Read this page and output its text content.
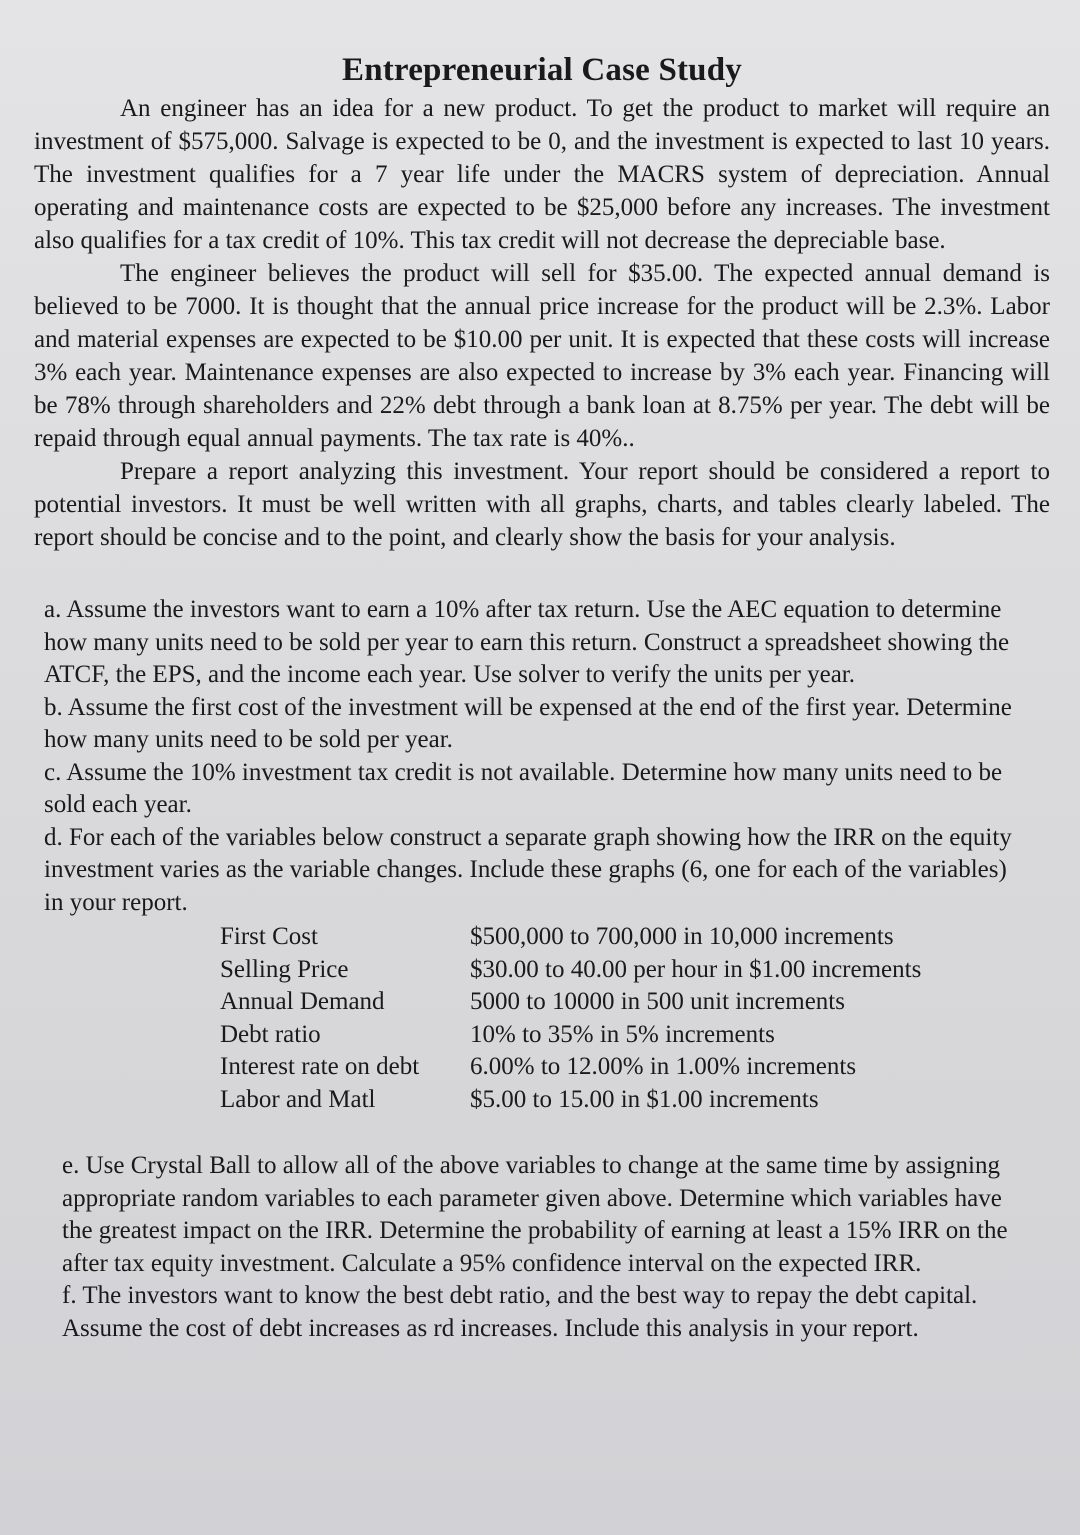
Entrepreneurial Case Study

An engineer has an idea for a new product. To get the product to market will require an investment of $575,000. Salvage is expected to be 0, and the investment is expected to last 10 years. The investment qualifies for a 7 year life under the MACRS system of depreciation. Annual operating and maintenance costs are expected to be $25,000 before any increases. The investment also qualifies for a tax credit of 10%. This tax credit will not decrease the depreciable base.

The engineer believes the product will sell for $35.00. The expected annual demand is believed to be 7000. It is thought that the annual price increase for the product will be 2.3%. Labor and material expenses are expected to be $10.00 per unit. It is expected that these costs will increase 3% each year. Maintenance expenses are also expected to increase by 3% each year. Financing will be 78% through shareholders and 22% debt through a bank loan at 8.75% per year. The debt will be repaid through equal annual payments. The tax rate is 40%..

Prepare a report analyzing this investment. Your report should be considered a report to potential investors. It must be well written with all graphs, charts, and tables clearly labeled. The report should be concise and to the point, and clearly show the basis for your analysis.

a. Assume the investors want to earn a 10% after tax return. Use the AEC equation to determine how many units need to be sold per year to earn this return. Construct a spreadsheet showing the ATCF, the EPS, and the income each year. Use solver to verify the units per year.

b. Assume the first cost of the investment will be expensed at the end of the first year. Determine how many units need to be sold per year.

c. Assume the 10% investment tax credit is not available. Determine how many units need to be sold each year.

d. For each of the variables below construct a separate graph showing how the IRR on the equity investment varies as the variable changes. Include these graphs (6, one for each of the variables) in your report.

First Cost	$500,000 to 700,000 in 10,000 increments
Selling Price	$30.00 to 40.00 per hour in $1.00 increments
Annual Demand	5000 to 10000 in 500 unit increments
Debt ratio	10% to 35% in 5% increments
Interest rate on debt	6.00% to 12.00% in 1.00% increments
Labor and Matl	$5.00 to 15.00 in $1.00 increments

e. Use Crystal Ball to allow all of the above variables to change at the same time by assigning appropriate random variables to each parameter given above. Determine which variables have the greatest impact on the IRR. Determine the probability of earning at least a 15% IRR on the after tax equity investment. Calculate a 95% confidence interval on the expected IRR.

f. The investors want to know the best debt ratio, and the best way to repay the debt capital. Assume the cost of debt increases as rd increases. Include this analysis in your report.
